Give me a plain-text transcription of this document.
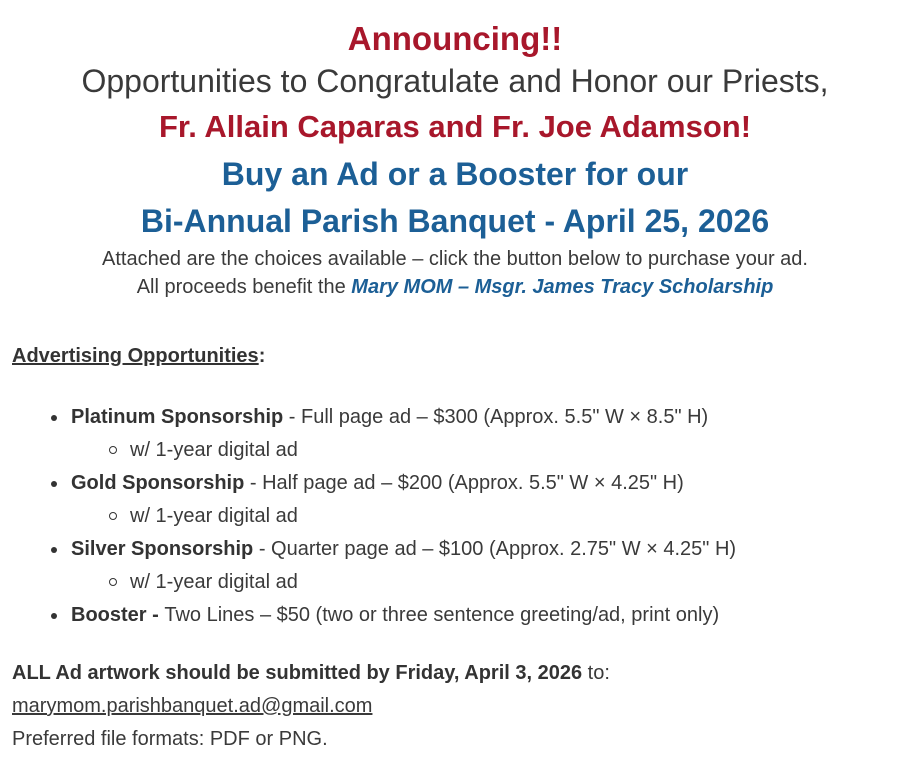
Announcing!!
Opportunities to Congratulate and Honor our Priests,
Fr. Allain Caparas and Fr. Joe Adamson!
Buy an Ad or a Booster for our
Bi-Annual Parish Banquet - April 25, 2026

Attached are the choices available – click the button below to purchase your ad.

All proceeds benefit the Mary MOM – Msgr. James Tracy Scholarship

Advertising Opportunities:

Platinum Sponsorship - Full page ad – $300 (Approx. 5.5" W × 8.5" H)
w/ 1-year digital ad
Gold Sponsorship - Half page ad – $200 (Approx. 5.5" W × 4.25" H)
w/ 1-year digital ad
Silver Sponsorship - Quarter page ad – $100 (Approx. 2.75" W × 4.25" H)
w/ 1-year digital ad
Booster - Two Lines – $50 (two or three sentence greeting/ad, print only)

ALL Ad artwork should be submitted by Friday, April 3, 2026 to:

marymom.parishbanquet.ad@gmail.com

Preferred file formats: PDF or PNG.
